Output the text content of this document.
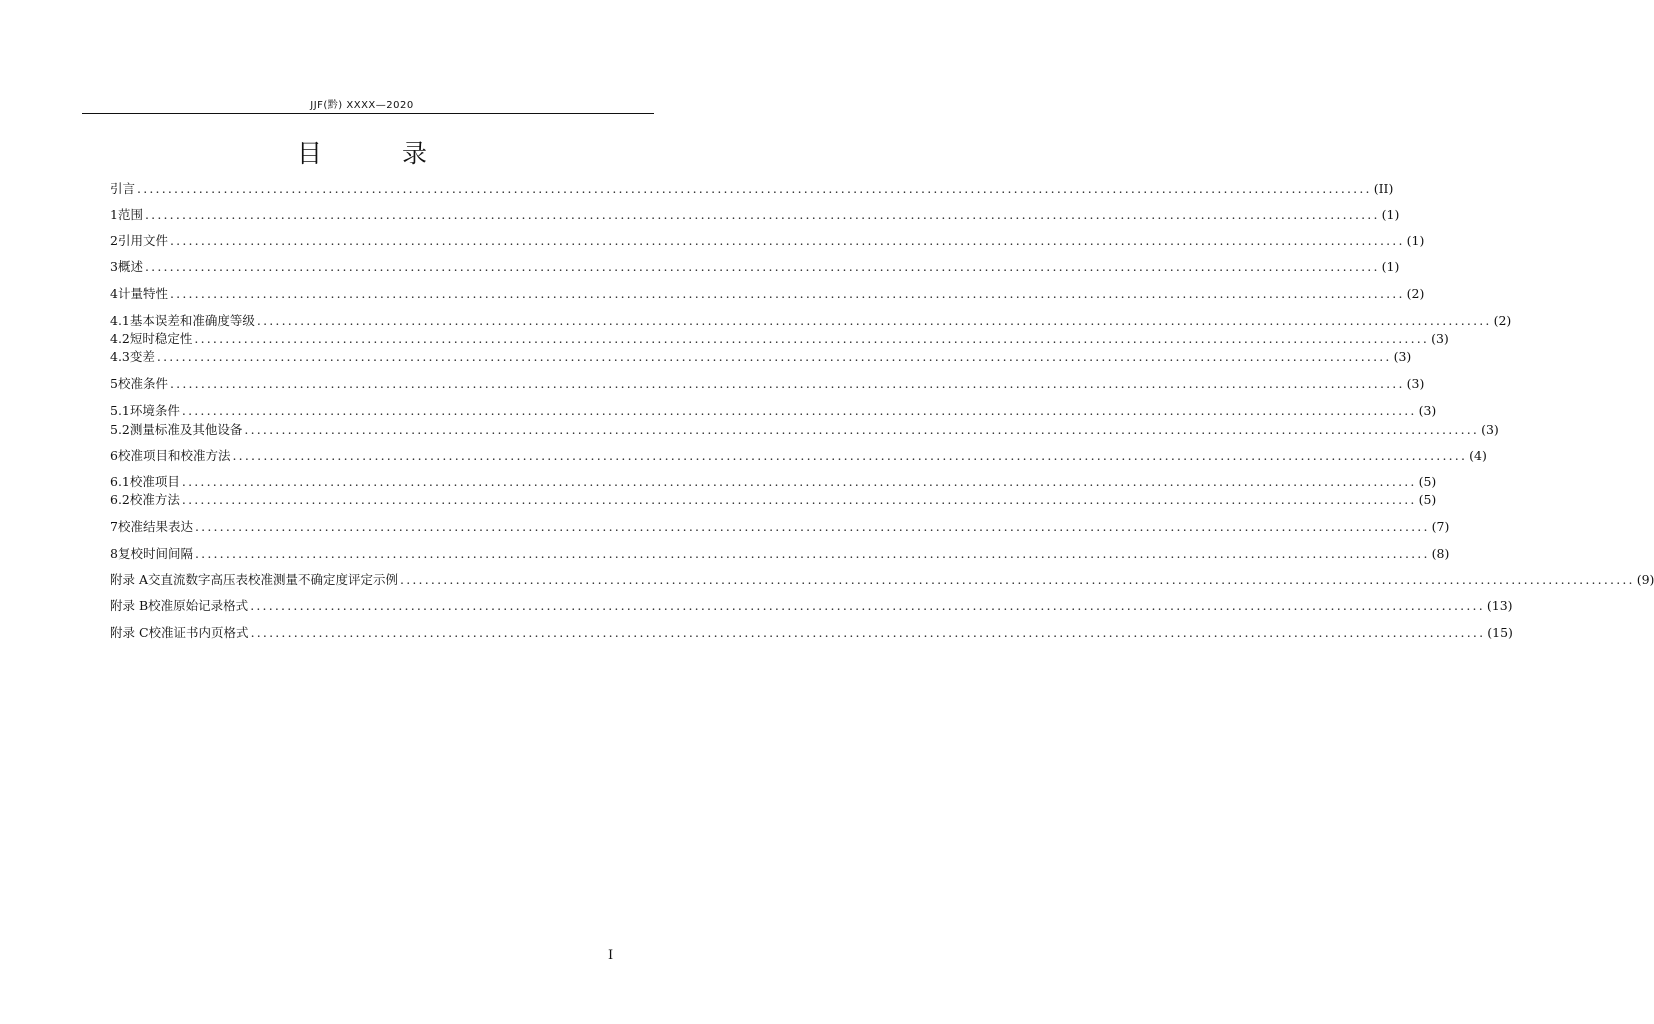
JJF(黔) XXXX—2020
目 录
引言 ........................................................................................................................................................................................................ (II)
1 范围 ........................................................................................................................................................................................................ (1)
2 引用文件 ........................................................................................................................................................................................................ (1)
3 概述 ........................................................................................................................................................................................................ (1)
4 计量特性 ........................................................................................................................................................................................................ (2)
4.1 基本误差和准确度等级 ........................................................................................................................................................................................................ (2)
4.2 短时稳定性 ........................................................................................................................................................................................................ (3)
4.3 变差 ........................................................................................................................................................................................................ (3)
5 校准条件 ........................................................................................................................................................................................................ (3)
5.1 环境条件 ........................................................................................................................................................................................................ (3)
5.2 测量标准及其他设备 ........................................................................................................................................................................................................ (3)
6 校准项目和校准方法 ........................................................................................................................................................................................................ (4)
6.1 校准项目 ........................................................................................................................................................................................................ (5)
6.2 校准方法 ........................................................................................................................................................................................................ (5)
7 校准结果表达 ........................................................................................................................................................................................................ (7)
8 复校时间间隔 ........................................................................................................................................................................................................ (8)
附录 A 交直流数字高压表校准测量不确定度评定示例 ........................................................................................................................................................................................................ (9)
附录 B 校准原始记录格式 ........................................................................................................................................................................................................ (13)
附录 C 校准证书内页格式 ........................................................................................................................................................................................................ (15)
I
